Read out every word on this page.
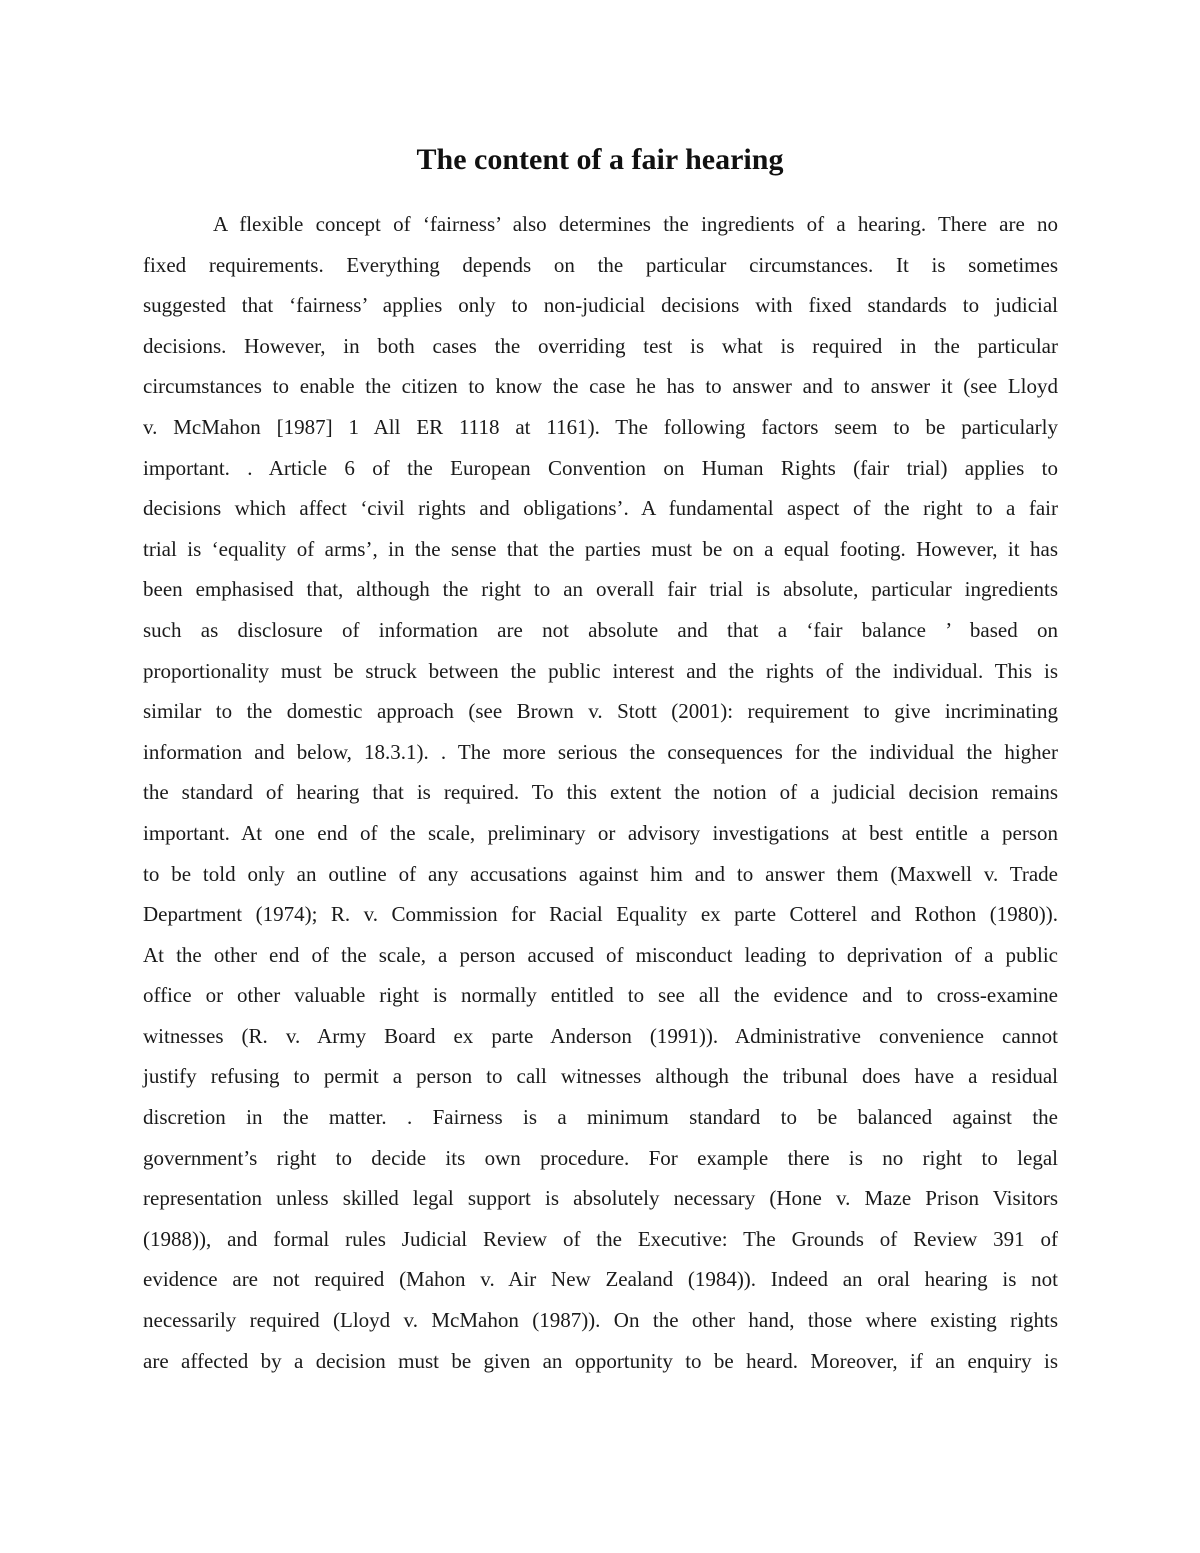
The content of a fair hearing
A flexible concept of ‘fairness’ also determines the ingredients of a hearing. There are no
fixed requirements. Everything depends on the particular circumstances. It is sometimes
suggested that ‘fairness’ applies only to non-judicial decisions with fixed standards to judicial
decisions. However, in both cases the overriding test is what is required in the particular
circumstances to enable the citizen to know the case he has to answer and to answer it (see Lloyd
v. McMahon [1987] 1 All ER 1118 at 1161). The following factors seem to be particularly
important. . Article 6 of the European Convention on Human Rights (fair trial) applies to
decisions which affect ‘civil rights and obligations’. A fundamental aspect of the right to a fair
trial is ‘equality of arms’, in the sense that the parties must be on a equal footing. However, it has
been emphasised that, although the right to an overall fair trial is absolute, particular ingredients
such as disclosure of information are not absolute and that a ‘fair balance ’ based on
proportionality must be struck between the public interest and the rights of the individual. This is
similar to the domestic approach (see Brown v. Stott (2001): requirement to give incriminating
information and below, 18.3.1). . The more serious the consequences for the individual the higher
the standard of hearing that is required. To this extent the notion of a judicial decision remains
important. At one end of the scale, preliminary or advisory investigations at best entitle a person
to be told only an outline of any accusations against him and to answer them (Maxwell v. Trade
Department (1974); R. v. Commission for Racial Equality ex parte Cotterel and Rothon (1980)).
At the other end of the scale, a person accused of misconduct leading to deprivation of a public
office or other valuable right is normally entitled to see all the evidence and to cross-examine
witnesses (R. v. Army Board ex parte Anderson (1991)). Administrative convenience cannot
justify refusing to permit a person to call witnesses although the tribunal does have a residual
discretion in the matter. . Fairness is a minimum standard to be balanced against the
government’s right to decide its own procedure. For example there is no right to legal
representation unless skilled legal support is absolutely necessary (Hone v. Maze Prison Visitors
(1988)), and formal rules Judicial Review of the Executive: The Grounds of Review 391 of
evidence are not required (Mahon v. Air New Zealand (1984)). Indeed an oral hearing is not
necessarily required (Lloyd v. McMahon (1987)). On the other hand, those where existing rights
are affected by a decision must be given an opportunity to be heard. Moreover, if an enquiry is
